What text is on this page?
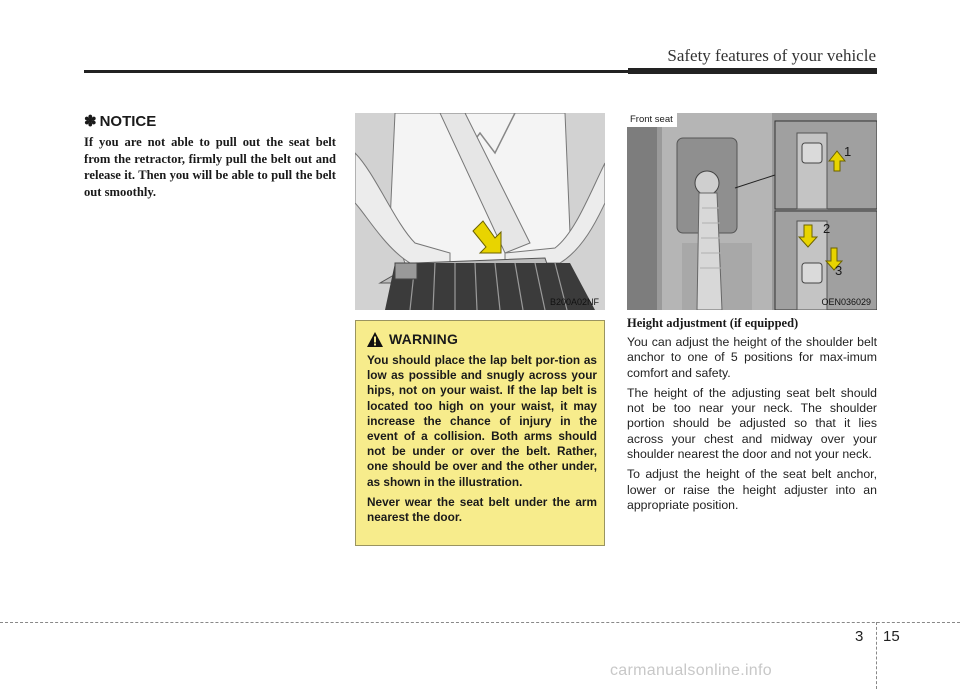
Safety features of your vehicle
✽ NOTICE
If you are not able to pull out the seat belt from the retractor, firmly pull the belt out and release it. Then you will be able to pull the belt out smoothly.
B200A02NF
Front seat
1
2
3
OEN036029
WARNING

You should place the lap belt por-tion as low as possible and snugly across your hips, not on your waist. If the lap belt is located too high on your waist, it may increase the chance of injury in the event of a collision. Both arms should not be under or over the belt. Rather, one should be over and the other under, as shown in the illustration.

Never wear the seat belt under the arm nearest the door.

Height adjustment (if equipped)

You can adjust the height of the shoulder belt anchor to one of 5 positions for max-imum comfort and safety.

The height of the adjusting seat belt should not be too near your neck. The shoulder portion should be adjusted so that it lies across your chest and midway over your shoulder nearest the door and not your neck.

To adjust the height of the seat belt anchor, lower or raise the height adjuster into an appropriate position.

3 15
carmanualsonline.info
